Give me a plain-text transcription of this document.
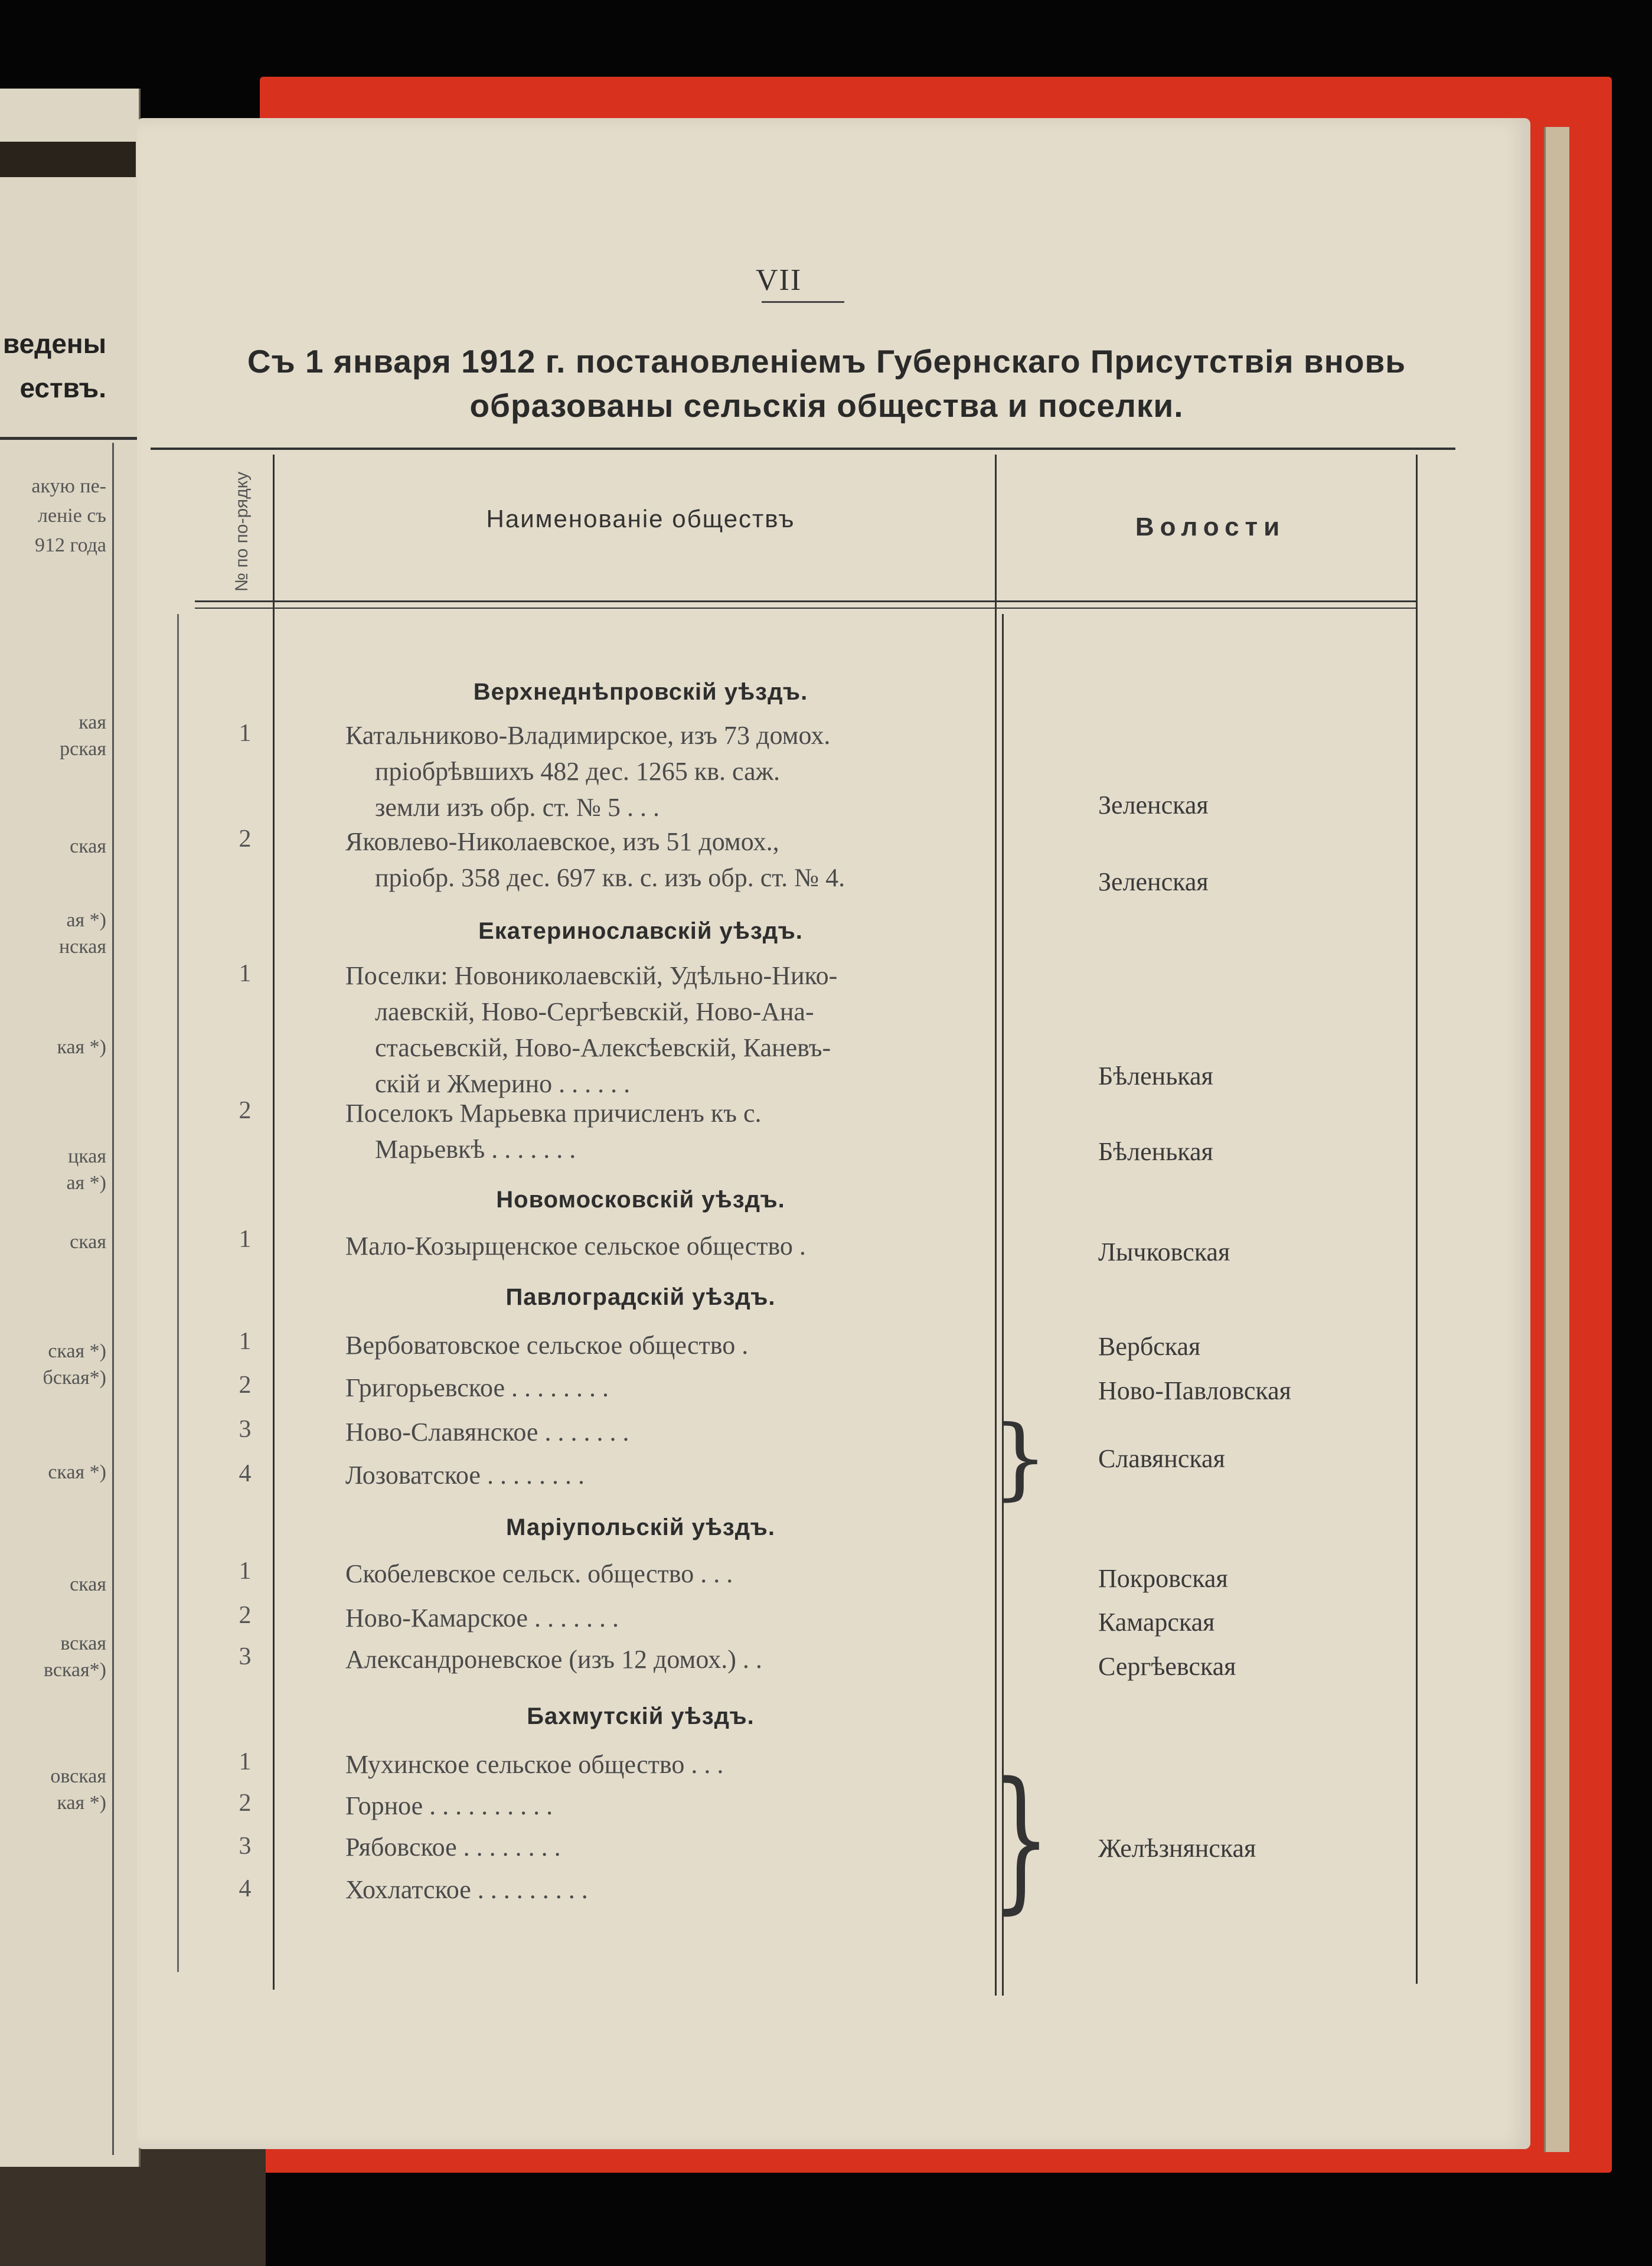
ведены
ествъ.
акую пе-
леніе съ
912 года
кая
рская
ская
ая *)
нская
кая *)
цкая
ая *)
ская
ская *)
бская*)
ская *)
ская
вская
вская*)
овская
кая *)
VII
Съ 1 января 1912 г. постановленіемъ Губернскаго Присутствія вновь
образованы сельскія общества и поселки.
№ по по-рядку	Наименованіе обществъ	Волости
Верхнеднѣпровскій уѣздъ.
1	Катальниково-Владимирское, изъ 73 домох.
пріобрѣвшихъ 482 дес. 1265 кв. саж.
земли изъ обр. ст. № 5 . . .	Зеленская
2	Яковлево-Николаевское, изъ 51 домох.,
пріобр. 358 дес. 697 кв. с. изъ обр. ст. № 4.	Зеленская
Екатеринославскій уѣздъ.
1	Поселки: Новониколаевскій, Удѣльно-Нико-
лаевскій, Ново-Сергѣевскій, Ново-Ана-
стасьевскій, Ново-Алексѣевскій, Каневъ-
скій и Жмерино . . . . . .	Бѣленькая
2	Поселокъ Марьевка причисленъ къ с.
Марьевкѣ . . . . . . .	Бѣленькая
Новомосковскій уѣздъ.
1	Мало-Козырщенское сельское общество .	Лычковская
Павлоградскій уѣздъ.
1	Вербоватовское сельское общество .	Вербская
2	Григорьевское . . . . . . . .	Ново-Павловская
3	Ново-Славянское . . . . . . .
4	Лозоватское . . . . . . . .	} Славянская
Маріупольскій уѣздъ.
1	Скобелевское сельск. общество . . .	Покровская
2	Ново-Камарское . . . . . . .	Камарская
3	Александроневское (изъ 12 домох.) . .	Сергѣевская
Бахмутскій уѣздъ.
1	Мухинское сельское общество . . .
2	Горное . . . . . . . . . .
3	Рябовское . . . . . . . .
4	Хохлатское . . . . . . . . .	} Желѣзнянская
